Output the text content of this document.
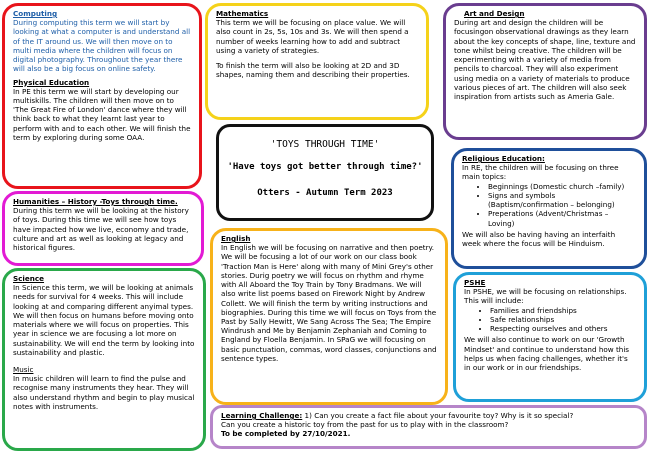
Computing

During computing this term we will start by looking at what a computer is and understand all of the IT around us. We will then move on to multi media where the children will focus on digital photography. Throughout the year there will also be a big focus on online safety.

Physical Education

In PE this term we will start by developing our multiskills. The children will then move on to 'The Great Fire of London' dance where they will think back to what they learnt last year to perform with and to each other. We will finish the term by exploring during some OAA.

Mathematics

This term we will be focusing on place value. We will also count in 2s, 5s, 10s and 3s. We will then spend a number of weeks learning how to add and subtract using a variety of strategies.

To finish the term will also be looking at 2D and 3D shapes, naming them and describing their properties.

Art and Design

During art and design the children will be focusingon observational drawings as they learn about the key concepts of shape, line, texture and tone whilst being creative. The children will be experimenting with a variety of media from pencils to charcoal. They will also experiment using media on a variety of materials to produce various pieces of art. The children will also seek inspiration from artists such as Ameria Gale.

'TOYS THROUGH TIME'
'Have toys got better through time?'
Otters - Autumn Term 2023
Religious Education:

In RE, the children will be focusing on three main topics:

• Beginnings (Domestic church –family)
• Signs and symbols (Baptism/confirmation – belonging)
• Preperations (Advent/Christmas – Loving)

We will also be having having an interfaith week where the focus will be Hinduism.

Humanities – History -Toys through time.

During this term we will be looking at the history of toys. During this time we will see how toys have impacted how we live, economy and trade, culture and art as well as looking at legacy and historical figures.

English

In English we will be focusing on narrative and then poetry. We will be focusing a lot of our work on our class book 'Traction Man is Here' along with many of Mini Grey's other stories. Durig poetry we will focus on rhythm and rhyme with All Aboard the Toy Train by Tony Bradmans. We will also write list poems based on Firework Night by Andrew Collett. We will finish the term by writing instructions and biographies. During this time we will focus on Toys from the Past by Sally Hewitt, We Sang Across The Sea; The Empire Windrush and Me by Benjamin Zephaniah and Coming to England by Floella Benjamin. In SPaG we will focusing on basic punctuation, commas, word classes, conjunctions and sentence types.

Science

In Science this term, we will be looking at animals needs for survival for 4 weeks. This will include looking at and comparing different anyimal types. We will then focus on humans before moving onto materials where we will focus on properties. This year in science we are focusing a lot more on sustainability. We will end the term by looking into sustainability and plastic.

Music

In music children will learn to find the pulse and recognise many instruments they hear. They will also understand rhythm and begin to play musical notes with instruments.

PSHE

In PSHE, we will be focusing on relationships. This will include:

• Families and friendships
• Safe relationships
• Respecting ourselves and others

We will also continue to work on our 'Growth Mindset' and continue to understand how this helps us when facing challenges, whether it's in our work or in our friendships.

Learning Challenge: 1) Can you create a fact file about your favourite toy? Why is it so special?
Can you create a historic toy from the past for us to play with in the classroom?
To be completed by 27/10/2021.
